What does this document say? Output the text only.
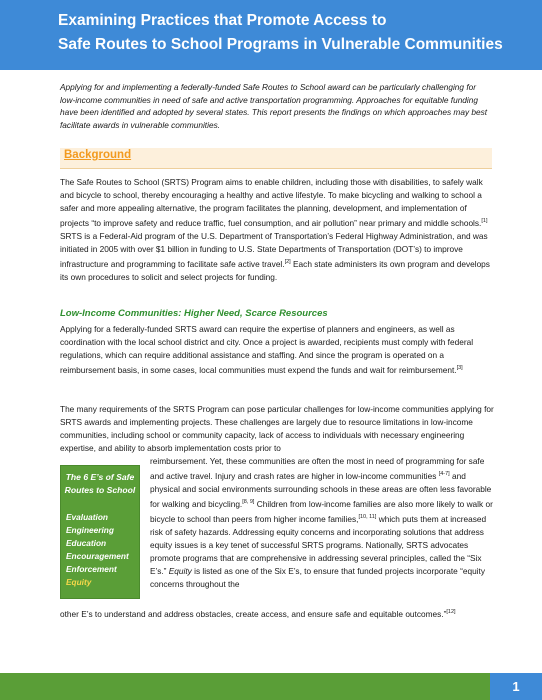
Examining Practices that Promote Access to
Safe Routes to School Programs in Vulnerable Communities
Applying for and implementing a federally-funded Safe Routes to School award can be particularly challenging for low-income communities in need of safe and active transportation programming. Approaches for equitable funding have been identified and adopted by several states. This report presents the findings on which approaches may best facilitate awards in vulnerable communities.
Background
The Safe Routes to School (SRTS) Program aims to enable children, including those with disabilities, to safely walk and bicycle to school, thereby encouraging a healthy and active lifestyle. To make bicycling and walking to school a safer and more appealing alternative, the program facilitates the planning, development, and implementation of projects “to improve safety and reduce traffic, fuel consumption, and air pollution” near primary and middle schools.[1] SRTS is a Federal-Aid program of the U.S. Department of Transportation’s Federal Highway Administration, and was initiated in 2005 with over $1 billion in funding to U.S. State Departments of Transportation (DOT’s) to improve infrastructure and programming to facilitate safe active travel.[2] Each state administers its own program and develops its own procedures to solicit and select projects for funding.
Low-Income Communities: Higher Need, Scarce Resources
Applying for a federally-funded SRTS award can require the expertise of planners and engineers, as well as coordination with the local school district and city. Once a project is awarded, recipients must comply with federal regulations, which can require additional assistance and staffing. And since the program is operated on a reimbursement basis, in some cases, local communities must expend the funds and wait for reimbursement.[3]
The many requirements of the SRTS Program can pose particular challenges for low-income communities applying for SRTS awards and implementing projects. These challenges are largely due to resource limitations in low-income communities, including school or community capacity, lack of access to individuals with necessary engineering expertise, and ability to absorb implementation costs prior to
The 6 E’s of Safe Routes to School
Evaluation
Engineering
Education
Encouragement
Enforcement
Equity
reimbursement. Yet, these communities are often the most in need of programming for safe and active travel. Injury and crash rates are higher in low-income communities [4-7] and physical and social environments surrounding schools in these areas are often less favorable for walking and bicycling.[8, 9] Children from low-income families are also more likely to walk or bicycle to school than peers from higher income families,[10, 11] which puts them at increased risk of safety hazards. Addressing equity concerns and incorporating solutions that address equity issues is a key tenet of successful SRTS programs. Nationally, SRTS advocates promote programs that are comprehensive in addressing several principles, called the “Six E’s.” Equity is listed as one of the Six E’s, to ensure that funded projects incorporate “equity concerns throughout the
other E’s to understand and address obstacles, create access, and ensure safe and equitable outcomes.”[12]
1
